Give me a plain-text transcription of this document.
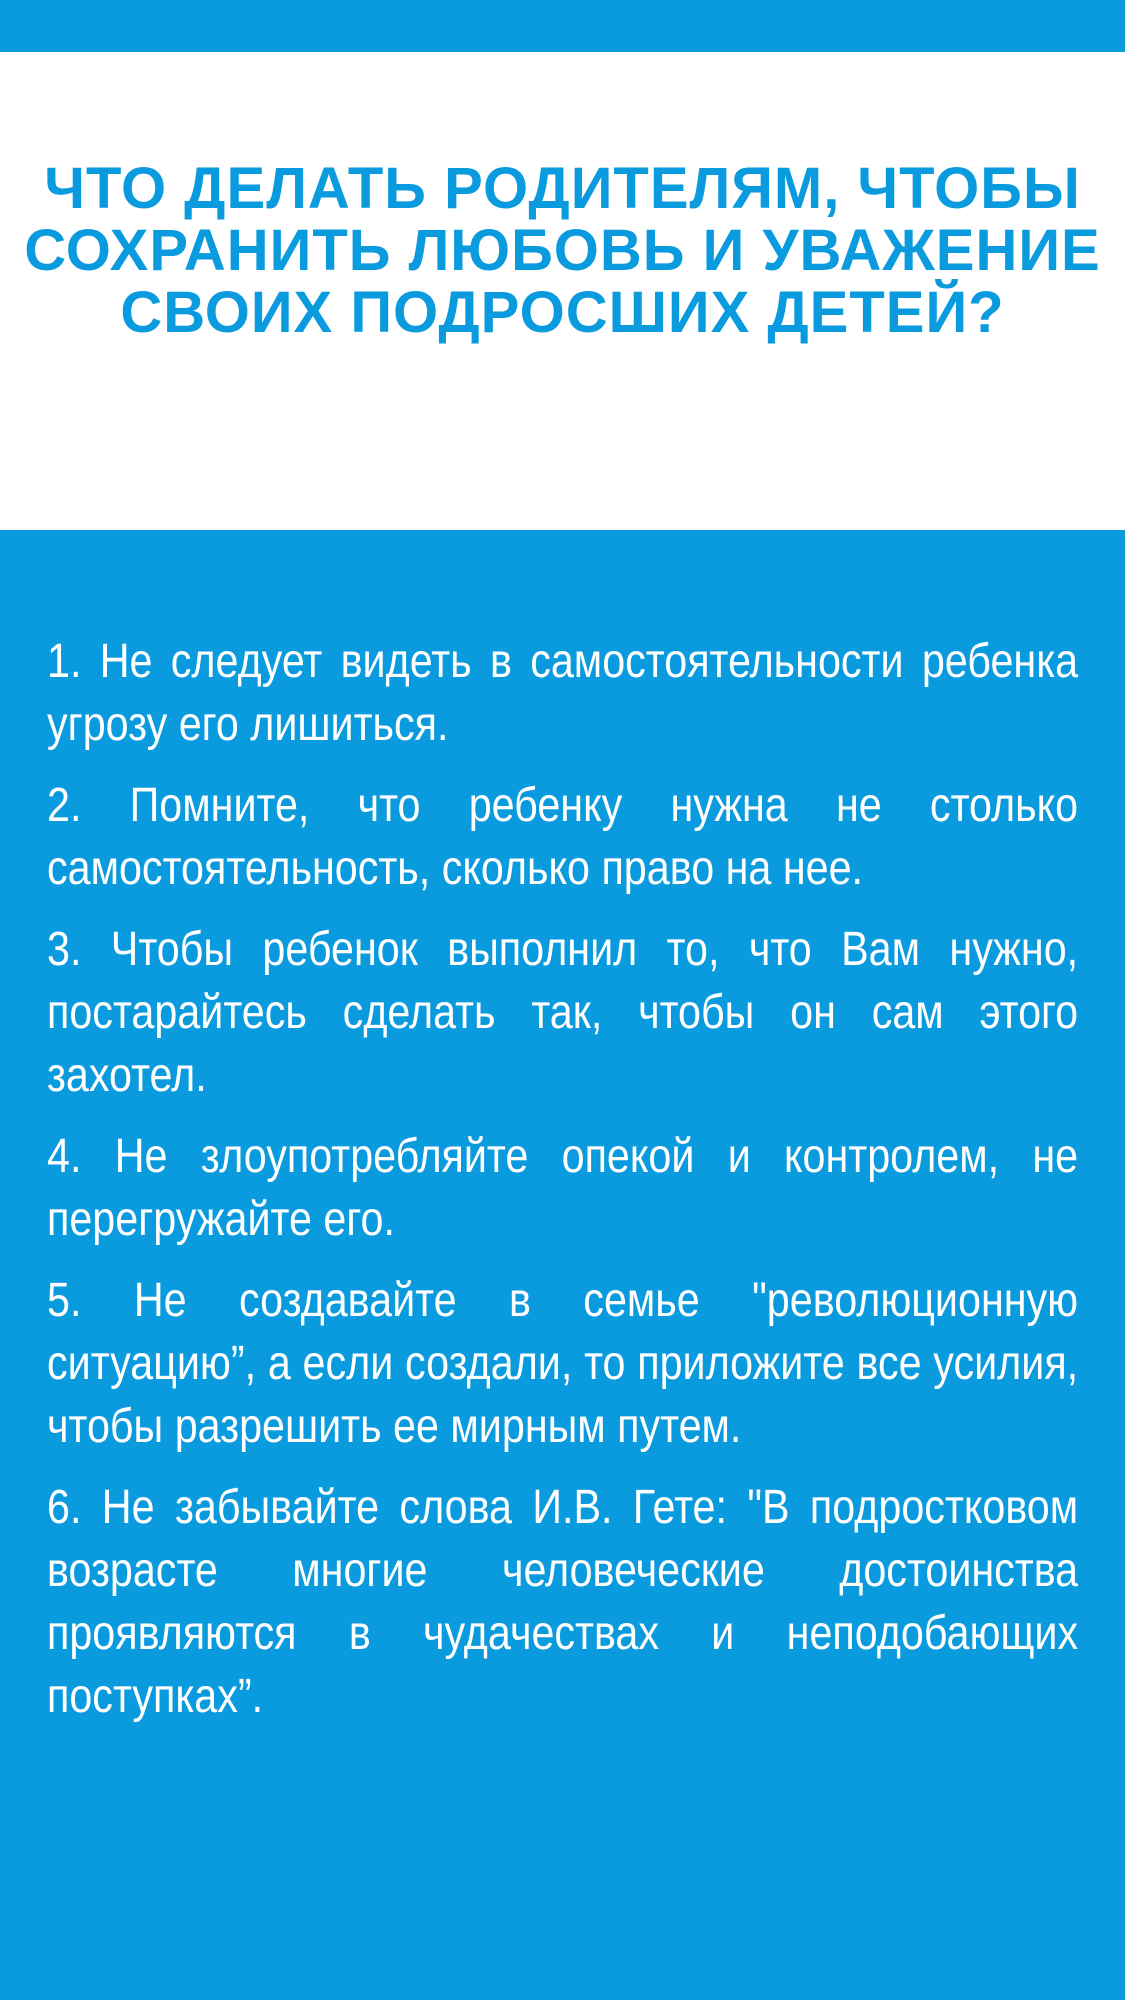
ЧТО ДЕЛАТЬ РОДИТЕЛЯМ, ЧТОБЫ СОХРАНИТЬ ЛЮБОВЬ И УВАЖЕНИЕ СВОИХ ПОДРОСШИХ ДЕТЕЙ?
1. Не следует видеть в самостоятельности ребенка угрозу его лишиться.
2. Помните, что ребенку нужна не столько самостоятельность, сколько право на нее.
3. Чтобы ребенок выполнил то, что Вам нужно, постарайтесь сделать так, чтобы он сам этого захотел.
4. Не злоупотребляйте опекой и контролем, не перегружайте его.
5. Не создавайте в семье "революционную ситуацию”, а если создали, то приложите все усилия, чтобы разрешить ее мирным путем.
6. Не забывайте слова И.В. Гете: "В подростковом возрасте многие человеческие достоинства проявляются в чудачествах и неподобающих поступках”.
